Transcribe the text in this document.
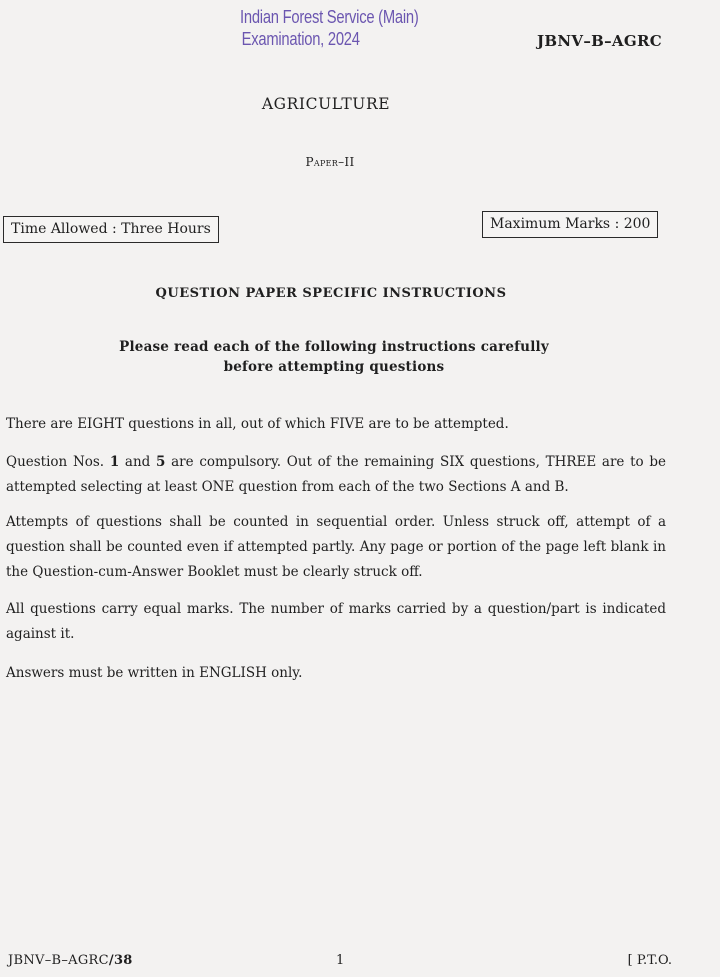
Indian Forest Service (Main)
Examination, 2024	JBNV–B–AGRC
AGRICULTURE
Paper–II
Time Allowed : Three Hours	Maximum Marks : 200
QUESTION PAPER SPECIFIC INSTRUCTIONS
Please read each of the following instructions carefully
before attempting questions
There are EIGHT questions in all, out of which FIVE are to be attempted.
Question Nos. 1 and 5 are compulsory. Out of the remaining SIX questions, THREE are to be attempted selecting at least ONE question from each of the two Sections A and B.
Attempts of questions shall be counted in sequential order. Unless struck off, attempt of a question shall be counted even if attempted partly. Any page or portion of the page left blank in the Question-cum-Answer Booklet must be clearly struck off.
All questions carry equal marks. The number of marks carried by a question/part is indicated against it.
Answers must be written in ENGLISH only.
JBNV–B–AGRC/38	1	[ P.T.O.
